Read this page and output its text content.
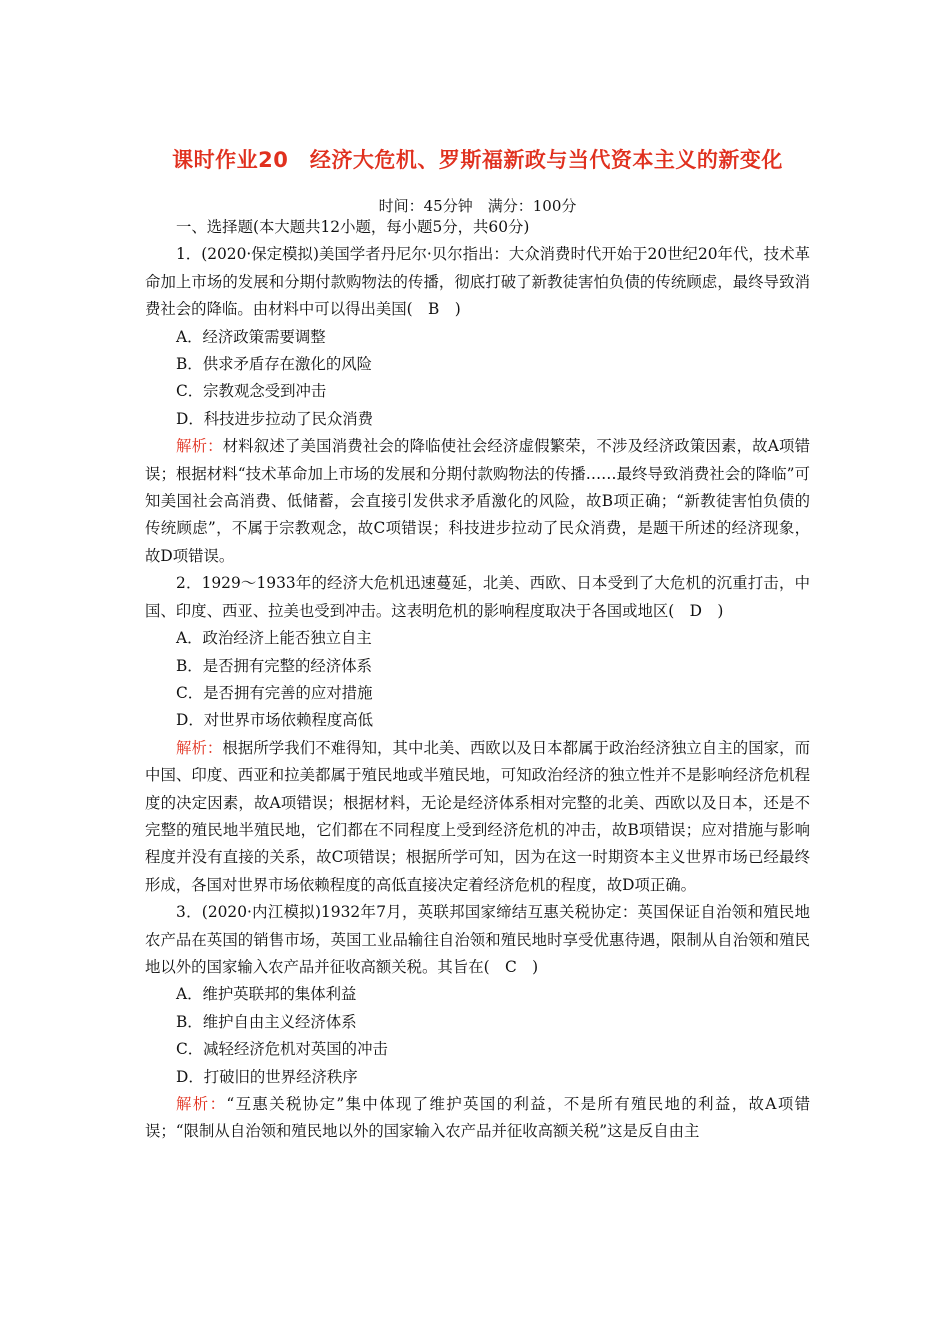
课时作业20　经济大危机、罗斯福新政与当代资本主义的新变化
时间：45分钟　满分：100分

一、选择题(本大题共12小题，每小题5分，共60分)

1．(2020·保定模拟)美国学者丹尼尔·贝尔指出：大众消费时代开始于20世纪20年代，技术革命加上市场的发展和分期付款购物法的传播，彻底打破了新教徒害怕负债的传统顾虑，最终导致消费社会的降临。由材料中可以得出美国(　B　)

A．经济政策需要调整

B．供求矛盾存在激化的风险

C．宗教观念受到冲击

D．科技进步拉动了民众消费

解析：材料叙述了美国消费社会的降临使社会经济虚假繁荣，不涉及经济政策因素，故A项错误；根据材料“技术革命加上市场的发展和分期付款购物法的传播……最终导致消费社会的降临”可知美国社会高消费、低储蓄，会直接引发供求矛盾激化的风险，故B项正确；“新教徒害怕负债的传统顾虑”，不属于宗教观念，故C项错误；科技进步拉动了民众消费，是题干所述的经济现象，故D项错误。

2．1929～1933年的经济大危机迅速蔓延，北美、西欧、日本受到了大危机的沉重打击，中国、印度、西亚、拉美也受到冲击。这表明危机的影响程度取决于各国或地区(　D　)

A．政治经济上能否独立自主

B．是否拥有完整的经济体系

C．是否拥有完善的应对措施

D．对世界市场依赖程度高低

解析：根据所学我们不难得知，其中北美、西欧以及日本都属于政治经济独立自主的国家，而中国、印度、西亚和拉美都属于殖民地或半殖民地，可知政治经济的独立性并不是影响经济危机程度的决定因素，故A项错误；根据材料，无论是经济体系相对完整的北美、西欧以及日本，还是不完整的殖民地半殖民地，它们都在不同程度上受到经济危机的冲击，故B项错误；应对措施与影响程度并没有直接的关系，故C项错误；根据所学可知，因为在这一时期资本主义世界市场已经最终形成，各国对世界市场依赖程度的高低直接决定着经济危机的程度，故D项正确。

3．(2020·内江模拟)1932年7月，英联邦国家缔结互惠关税协定：英国保证自治领和殖民地农产品在英国的销售市场，英国工业品输往自治领和殖民地时享受优惠待遇，限制从自治领和殖民地以外的国家输入农产品并征收高额关税。其旨在(　C　)

A．维护英联邦的集体利益

B．维护自由主义经济体系

C．减轻经济危机对英国的冲击

D．打破旧的世界经济秩序

解析：“互惠关税协定”集中体现了维护英国的利益，不是所有殖民地的利益，故A项错误；“限制从自治领和殖民地以外的国家输入农产品并征收高额关税”这是反自由主
